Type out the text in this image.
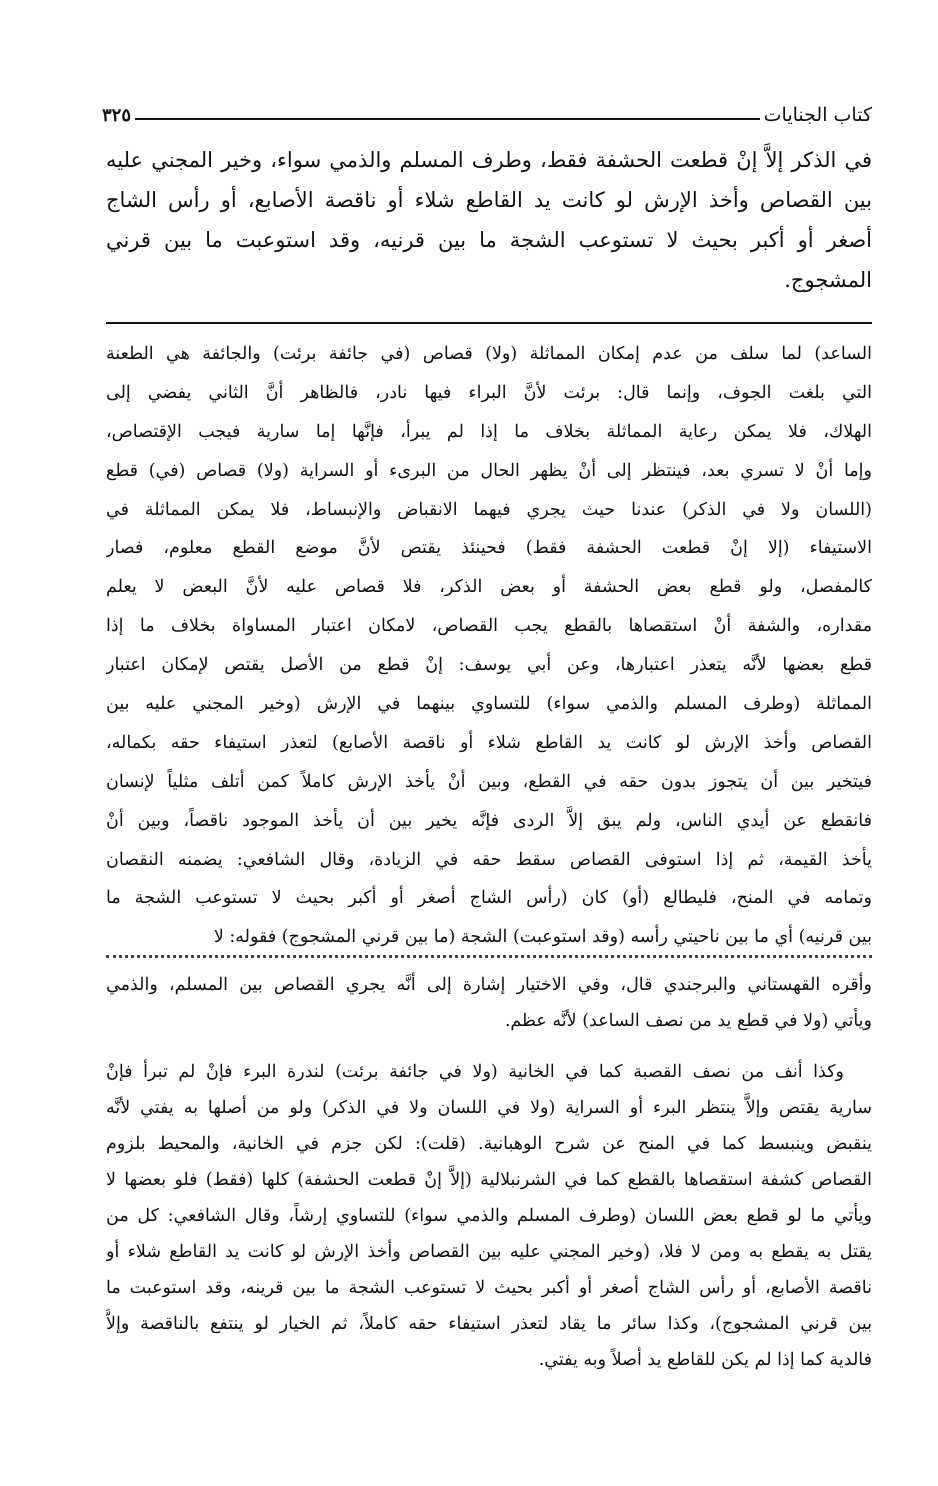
كتاب الجنايات
٣٢٥
في الذكر إلاَّ إنْ قطعت الحشفة فقط، وطرف المسلم والذمي سواء، وخير المجني عليه
بين القصاص وأخذ الإرش لو كانت يد القاطع شلاء أو ناقصة الأصابع، أو رأس الشاج
أصغر أو أكبر بحيث لا تستوعب الشجة ما بين قرنيه، وقد استوعبت ما بين قرني
المشجوج.
الساعد) لما سلف من عدم إمكان المماثلة (ولا) قصاص (في جائفة برئت) والجائفة هي الطعنة
التي بلغت الجوف، وإنما قال: برئت لأنَّ البراء فيها نادر، فالظاهر أنَّ الثاني يفضي إلى
الهلاك، فلا يمكن رعاية المماثلة بخلاف ما إذا لم يبرأ، فإنَّها إما سارية فيجب الإقتصاص،
وإما أنْ لا تسري بعد، فينتظر إلى أنْ يظهر الحال من البرىء أو السراية (ولا) قصاص (في) قطع
(اللسان ولا في الذكر) عندنا حيث يجري فيهما الانقباض والإنبساط، فلا يمكن المماثلة في
الاستيفاء (إلا إنْ قطعت الحشفة فقط) فحينئذ يقتص لأنَّ موضع القطع معلوم، فصار
كالمفصل، ولو قطع بعض الحشفة أو بعض الذكر، فلا قصاص عليه لأنَّ البعض لا يعلم
مقداره، والشفة أنْ استقصاها بالقطع يجب القصاص، لامكان اعتبار المساواة بخلاف ما إذا
قطع بعضها لأنَّه يتعذر اعتبارها، وعن أبي يوسف: إنْ قطع من الأصل يقتص لإمكان اعتبار
المماثلة (وطرف المسلم والذمي سواء) للتساوي بينهما في الإرش (وخير المجني عليه بين
القصاص وأخذ الإرش لو كانت يد القاطع شلاء أو ناقصة الأصابع) لتعذر استيفاء حقه بكماله،
فيتخير بين أن يتجوز بدون حقه في القطع، وبين أنْ يأخذ الإرش كاملاً كمن أتلف مثلياً لإنسان
فانقطع عن أيدي الناس، ولم يبق إلاَّ الردى فإنَّه يخير بين أن يأخذ الموجود ناقصاً، وبين أنْ
يأخذ القيمة، ثم إذا استوفى القصاص سقط حقه في الزيادة، وقال الشافعي: يضمنه النقصان
وتمامه في المنح، فليطالع (أو) كان (رأس الشاج أصغر أو أكبر بحيث لا تستوعب الشجة ما
بين قرنيه) أي ما بين ناحيتي رأسه (وقد استوعبت) الشجة (ما بين قرني المشجوج) فقوله: لا
وأقره القهستاني والبرجندي قال، وفي الاختيار إشارة إلى أنَّه يجري القصاص بين المسلم، والذمي
ويأتي (ولا في قطع يد من نصف الساعد) لأنَّه عظم.
وكذا أنف من نصف القصبة كما في الخانية (ولا في جائفة برئت) لندرة البرء فإنْ لم تبرأ فإنْ
سارية يقتص وإلاَّ ينتظر البرء أو السراية (ولا في اللسان ولا في الذكر) ولو من أصلها به يفتي لأنَّه
ينقبض وينبسط كما في المنح عن شرح الوهبانية. (قلت): لكن جزم في الخانية، والمحيط بلزوم
القصاص كشفة استقصاها بالقطع كما في الشرنبلالية (إلاَّ إنْ قطعت الحشفة) كلها (فقط) فلو بعضها لا
ويأتي ما لو قطع بعض اللسان (وطرف المسلم والذمي سواء) للتساوي إرشاً، وقال الشافعي: كل من
يقتل به يقطع به ومن لا فلا، (وخير المجني عليه بين القصاص وأخذ الإرش لو كانت يد القاطع شلاء أو
ناقصة الأصابع، أو رأس الشاج أصغر أو أكبر بحيث لا تستوعب الشجة ما بين قرينه، وقد استوعبت ما
بين قرني المشجوج)، وكذا سائر ما يقاد لتعذر استيفاء حقه كاملاً، ثم الخيار لو ينتفع بالناقصة وإلاَّ
فالدية كما إذا لم يكن للقاطع يد أصلاً وبه يفتي.
